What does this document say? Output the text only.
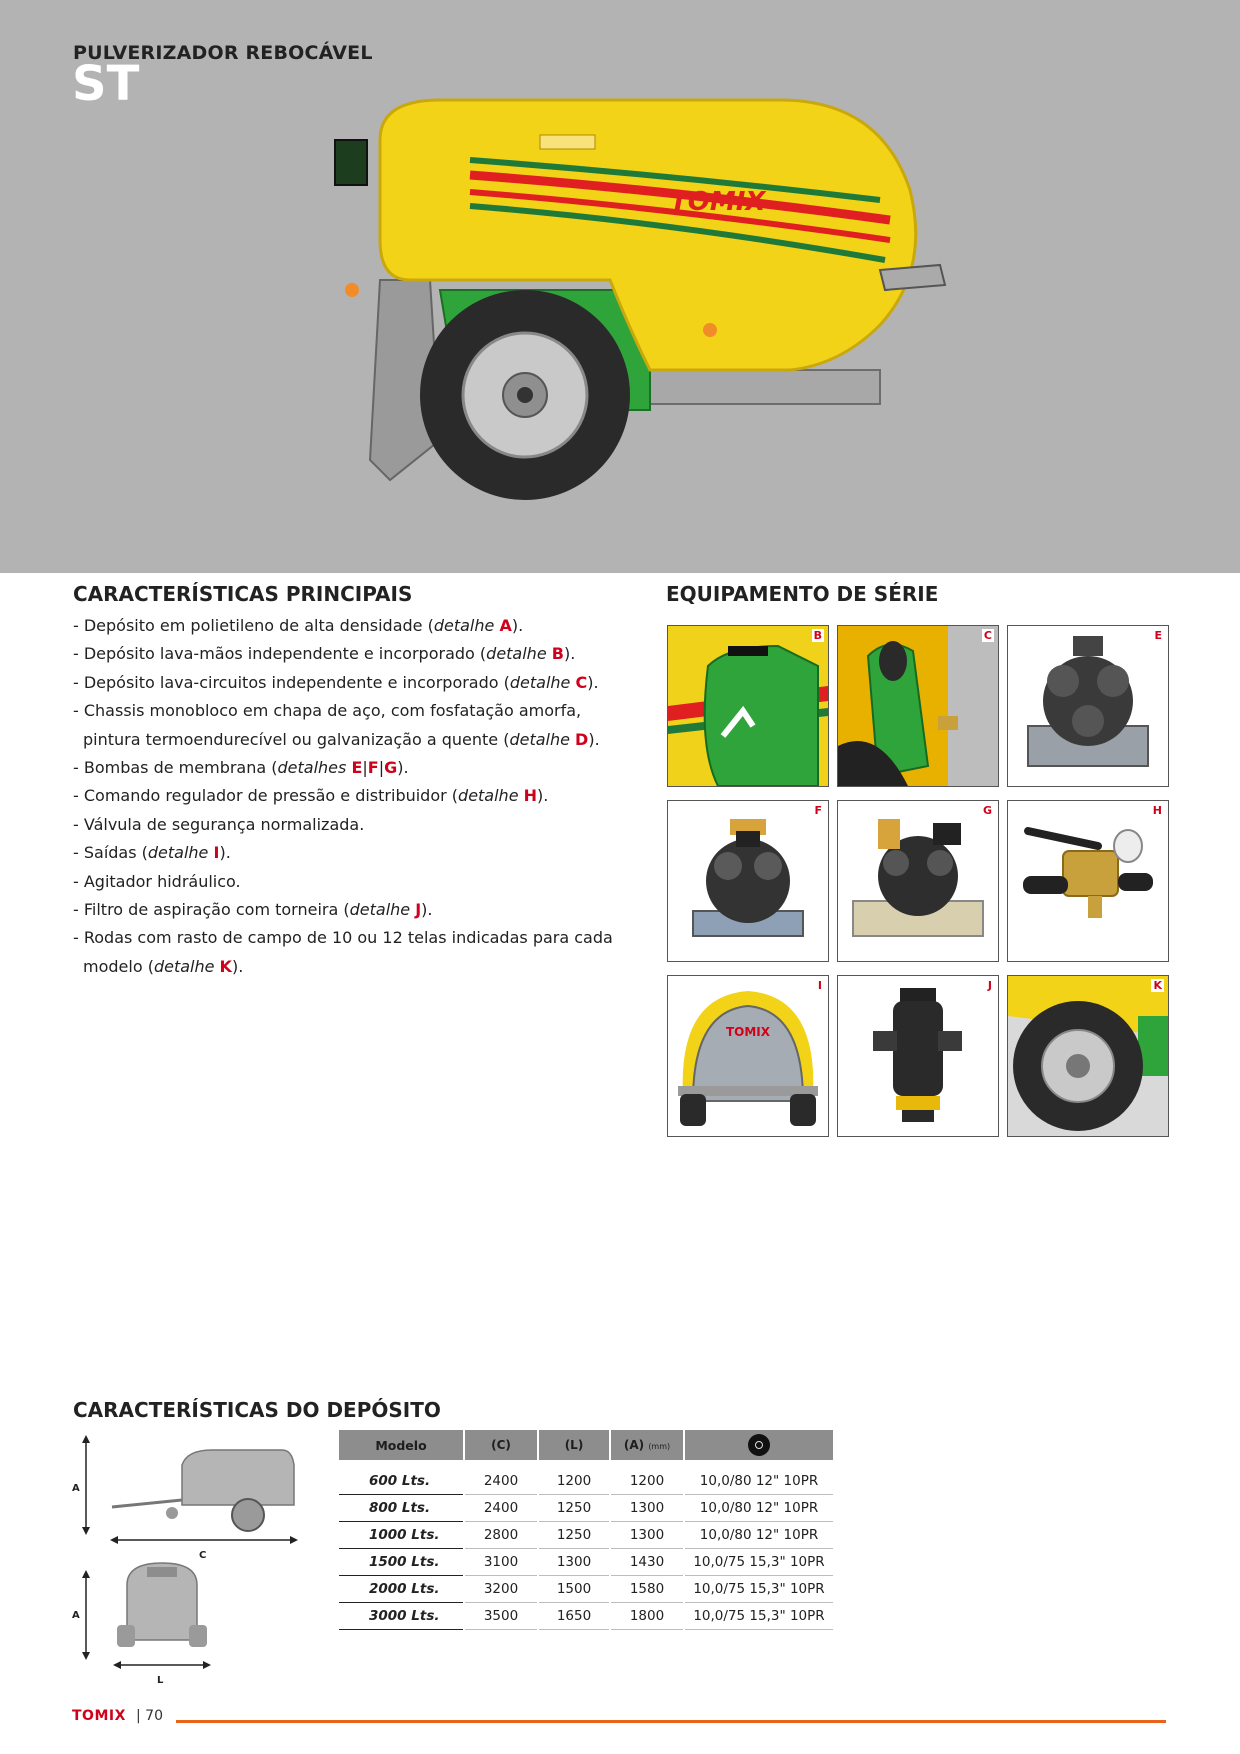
PULVERIZADOR REBOCÁVEL
ST
TOMIX
CARACTERÍSTICAS PRINCIPAIS
- Depósito em polietileno de alta densidade (detalhe A).
- Depósito lava-mãos independente e incorporado (detalhe B).
- Depósito lava-circuitos independente e incorporado (detalhe C).
- Chassis monobloco em chapa de aço, com fosfatação amorfa, pintura termoendurecível ou galvanização a quente (detalhe D).
- Bombas de membrana (detalhes E|F|G).
- Comando regulador de pressão e distribuidor (detalhe H).
- Válvula de segurança normalizada.
- Saídas (detalhe I).
- Agitador hidráulico.
- Filtro de aspiração com torneira (detalhe J).
- Rodas com rasto de campo de 10 ou 12 telas indicadas para cada modelo (detalhe K).
EQUIPAMENTO DE SÉRIE
B	C	E
F	G	H
TOMIX
I	J	K
CARACTERÍSTICAS DO DEPÓSITO
A
C
A
L
Modelo	(C)	(L)	(A) (mm)	

600 Lts.	2400	1200	1200	10,0/80 12" 10PR
800 Lts.	2400	1250	1300	10,0/80 12" 10PR
1000 Lts.	2800	1250	1300	10,0/80 12" 10PR
1500 Lts.	3100	1300	1430	10,0/75 15,3" 10PR
2000 Lts.	3200	1500	1580	10,0/75 15,3" 10PR
3000 Lts.	3500	1650	1800	10,0/75 15,3" 10PR
TOMIX | 70
